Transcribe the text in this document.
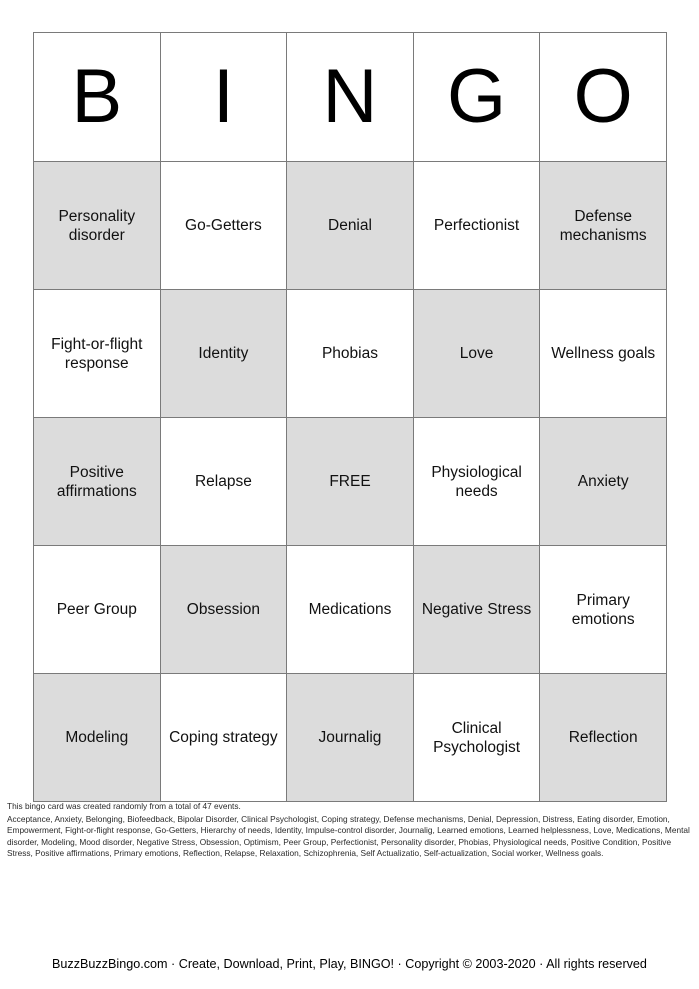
B	I	N	G	O

Personality disorder	Go-Getters	Denial	Perfectionist	Defense mechanisms

Fight-or-flight response	Identity	Phobias	Love	Wellness goals

Positive affirmations	Relapse	FREE	Physiological needs	Anxiety

Peer Group	Obsession	Medications	Negative Stress	Primary emotions

Modeling	Coping strategy	Journalig	Clinical Psychologist	Reflection

This bingo card was created randomly from a total of 47 events.

Acceptance, Anxiety, Belonging, Biofeedback, Bipolar Disorder, Clinical Psychologist, Coping strategy, Defense mechanisms, Denial, Depression, Distress, Eating disorder, Emotion, Empowerment, Fight-or-flight response, Go-Getters, Hierarchy of needs, Identity, Impulse-control disorder, Journalig, Learned emotions, Learned helplessness, Love, Medications, Mental disorder, Modeling, Mood disorder, Negative Stress, Obsession, Optimism, Peer Group, Perfectionist, Personality disorder, Phobias, Physiological needs, Positive Condition, Positive Stress, Positive affirmations, Primary emotions, Reflection, Relapse, Relaxation, Schizophrenia, Self Actualizatio, Self-actualization, Social worker, Wellness goals.

BuzzBuzzBingo.com · Create, Download, Print, Play, BINGO! · Copyright © 2003-2020 · All rights reserved
